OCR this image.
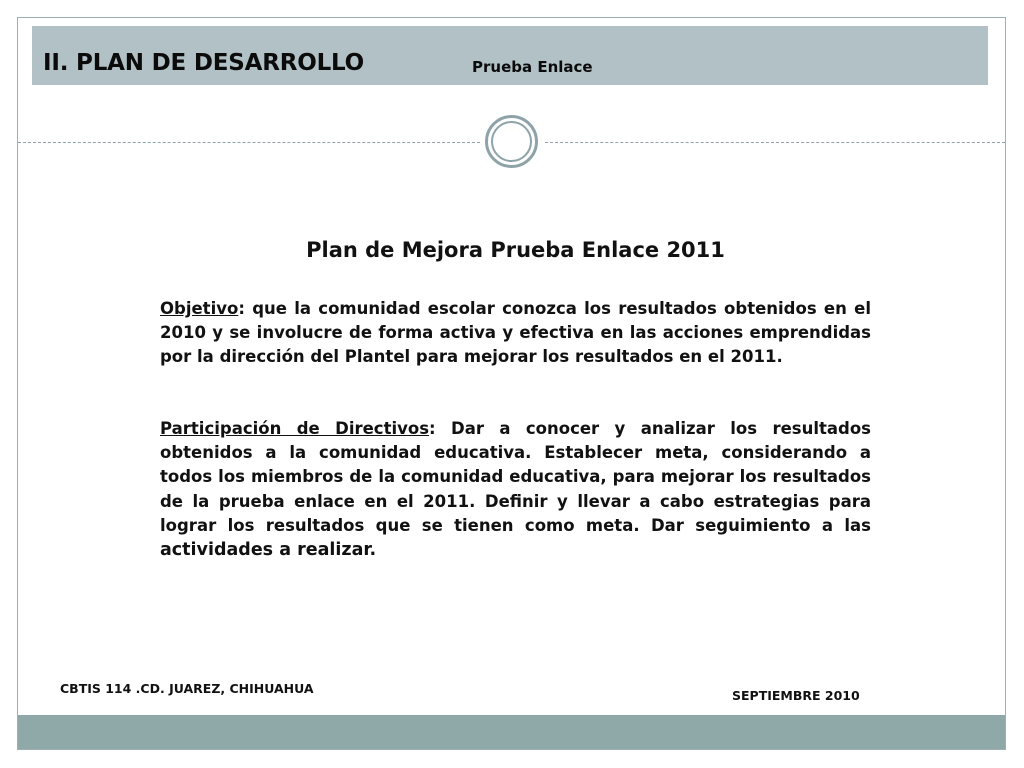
II. PLAN DE DESARROLLO	Prueba Enlace
Plan de Mejora Prueba Enlace 2011
Objetivo: que la comunidad escolar conozca los resultados obtenidos en el 2010 y se involucre de forma activa y efectiva en las acciones emprendidas por la dirección del Plantel para mejorar los resultados en el 2011.
Participación de Directivos: Dar a conocer y analizar los resultados obtenidos a la comunidad educativa. Establecer meta, considerando a todos los miembros de la comunidad educativa, para mejorar los resultados de la prueba enlace en el 2011. Definir y llevar a cabo estrategias para lograr los resultados que se tienen como meta. Dar seguimiento a las actividades a realizar.
CBTIS 114 .CD. JUAREZ, CHIHUAHUA	SEPTIEMBRE 2010
